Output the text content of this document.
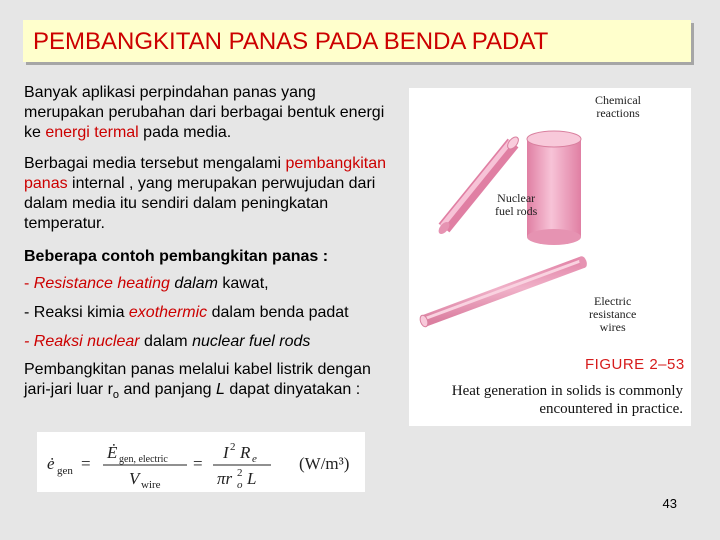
PEMBANGKITAN PANAS PADA BENDA PADAT
Banyak aplikasi perpindahan panas yang merupakan perubahan dari berbagai bentuk energi ke energi termal pada media.
Berbagai media tersebut mengalami pembangkitan panas internal , yang merupakan perwujudan dari dalam media itu sendiri dalam peningkatan temperatur.
Beberapa contoh pembangkitan panas :
- Resistance heating dalam kawat,
- Reaksi kimia exothermic dalam benda padat
- Reaksi nuclear dalam nuclear fuel rods
Pembangkitan panas melalui kabel listrik dengan jari-jari luar $r_o$ and panjang L dapat dinyatakan :
Chemical
reactions
Nuclear
fuel rods
Electric
resistance
wires
FIGURE 2–53
Heat generation in solids is commonly encountered in practice.
ė gen =
Ė gen, electric
V wire
=
I 2 R e
πr o
2 L
(W/m³)
43
